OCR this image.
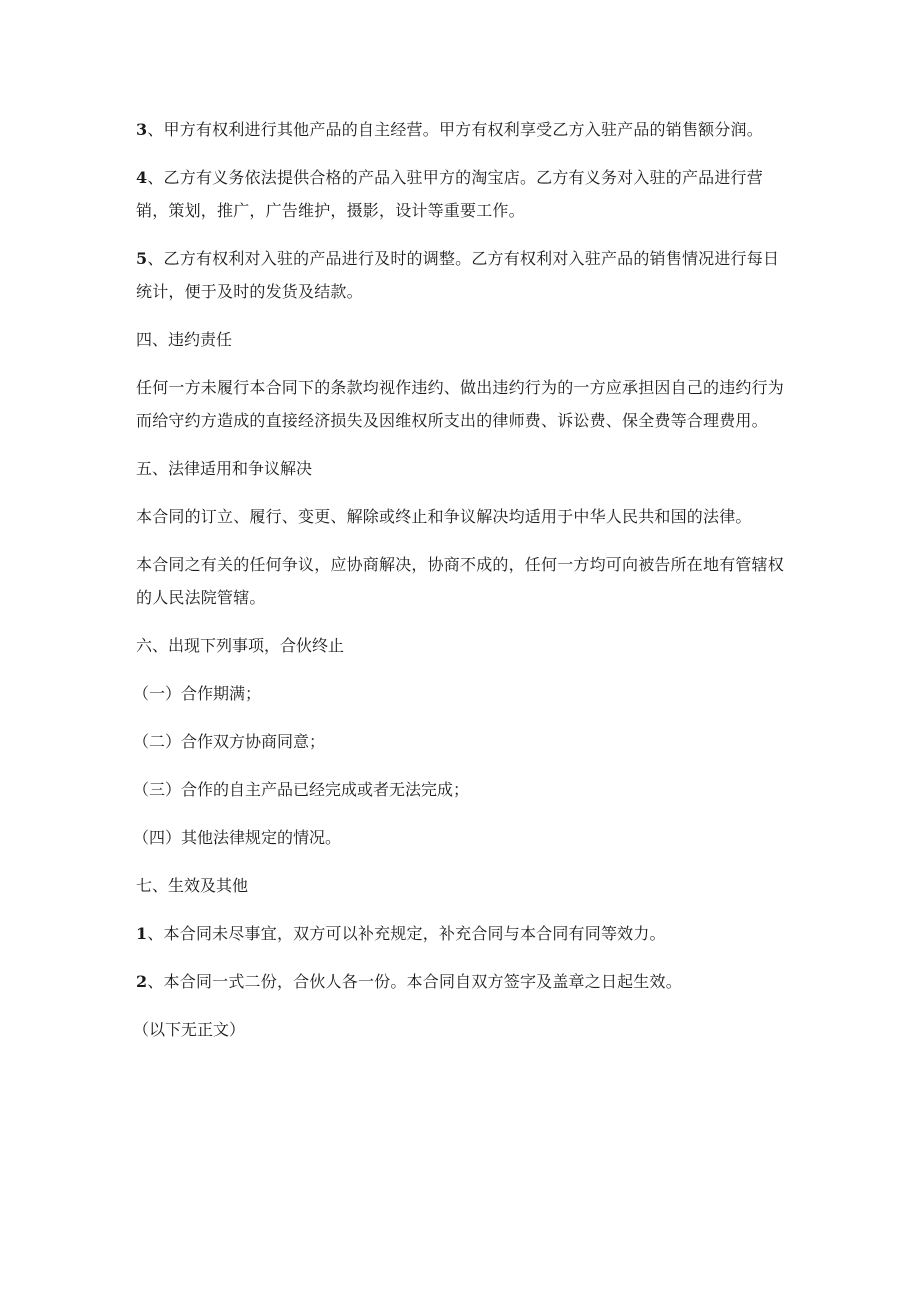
3、甲方有权利进行其他产品的自主经营。甲方有权利享受乙方入驻产品的销售额分润。

4、乙方有义务依法提供合格的产品入驻甲方的淘宝店。乙方有义务对入驻的产品进行营销，策划，推广，广告维护，摄影，设计等重要工作。

5、乙方有权利对入驻的产品进行及时的调整。乙方有权利对入驻产品的销售情况进行每日统计，便于及时的发货及结款。

四、违约责任

任何一方未履行本合同下的条款均视作违约、做出违约行为的一方应承担因自己的违约行为而给守约方造成的直接经济损失及因维权所支出的律师费、诉讼费、保全费等合理费用。

五、法律适用和争议解决

本合同的订立、履行、变更、解除或终止和争议解决均适用于中华人民共和国的法律。

本合同之有关的任何争议，应协商解决，协商不成的，任何一方均可向被告所在地有管辖权的人民法院管辖。

六、出现下列事项，合伙终止

（一）合作期满；

（二）合作双方协商同意；

（三）合作的自主产品已经完成或者无法完成；

（四）其他法律规定的情况。

七、生效及其他

1、本合同未尽事宜，双方可以补充规定，补充合同与本合同有同等效力。

2、本合同一式二份，合伙人各一份。本合同自双方签字及盖章之日起生效。

（以下无正文）
